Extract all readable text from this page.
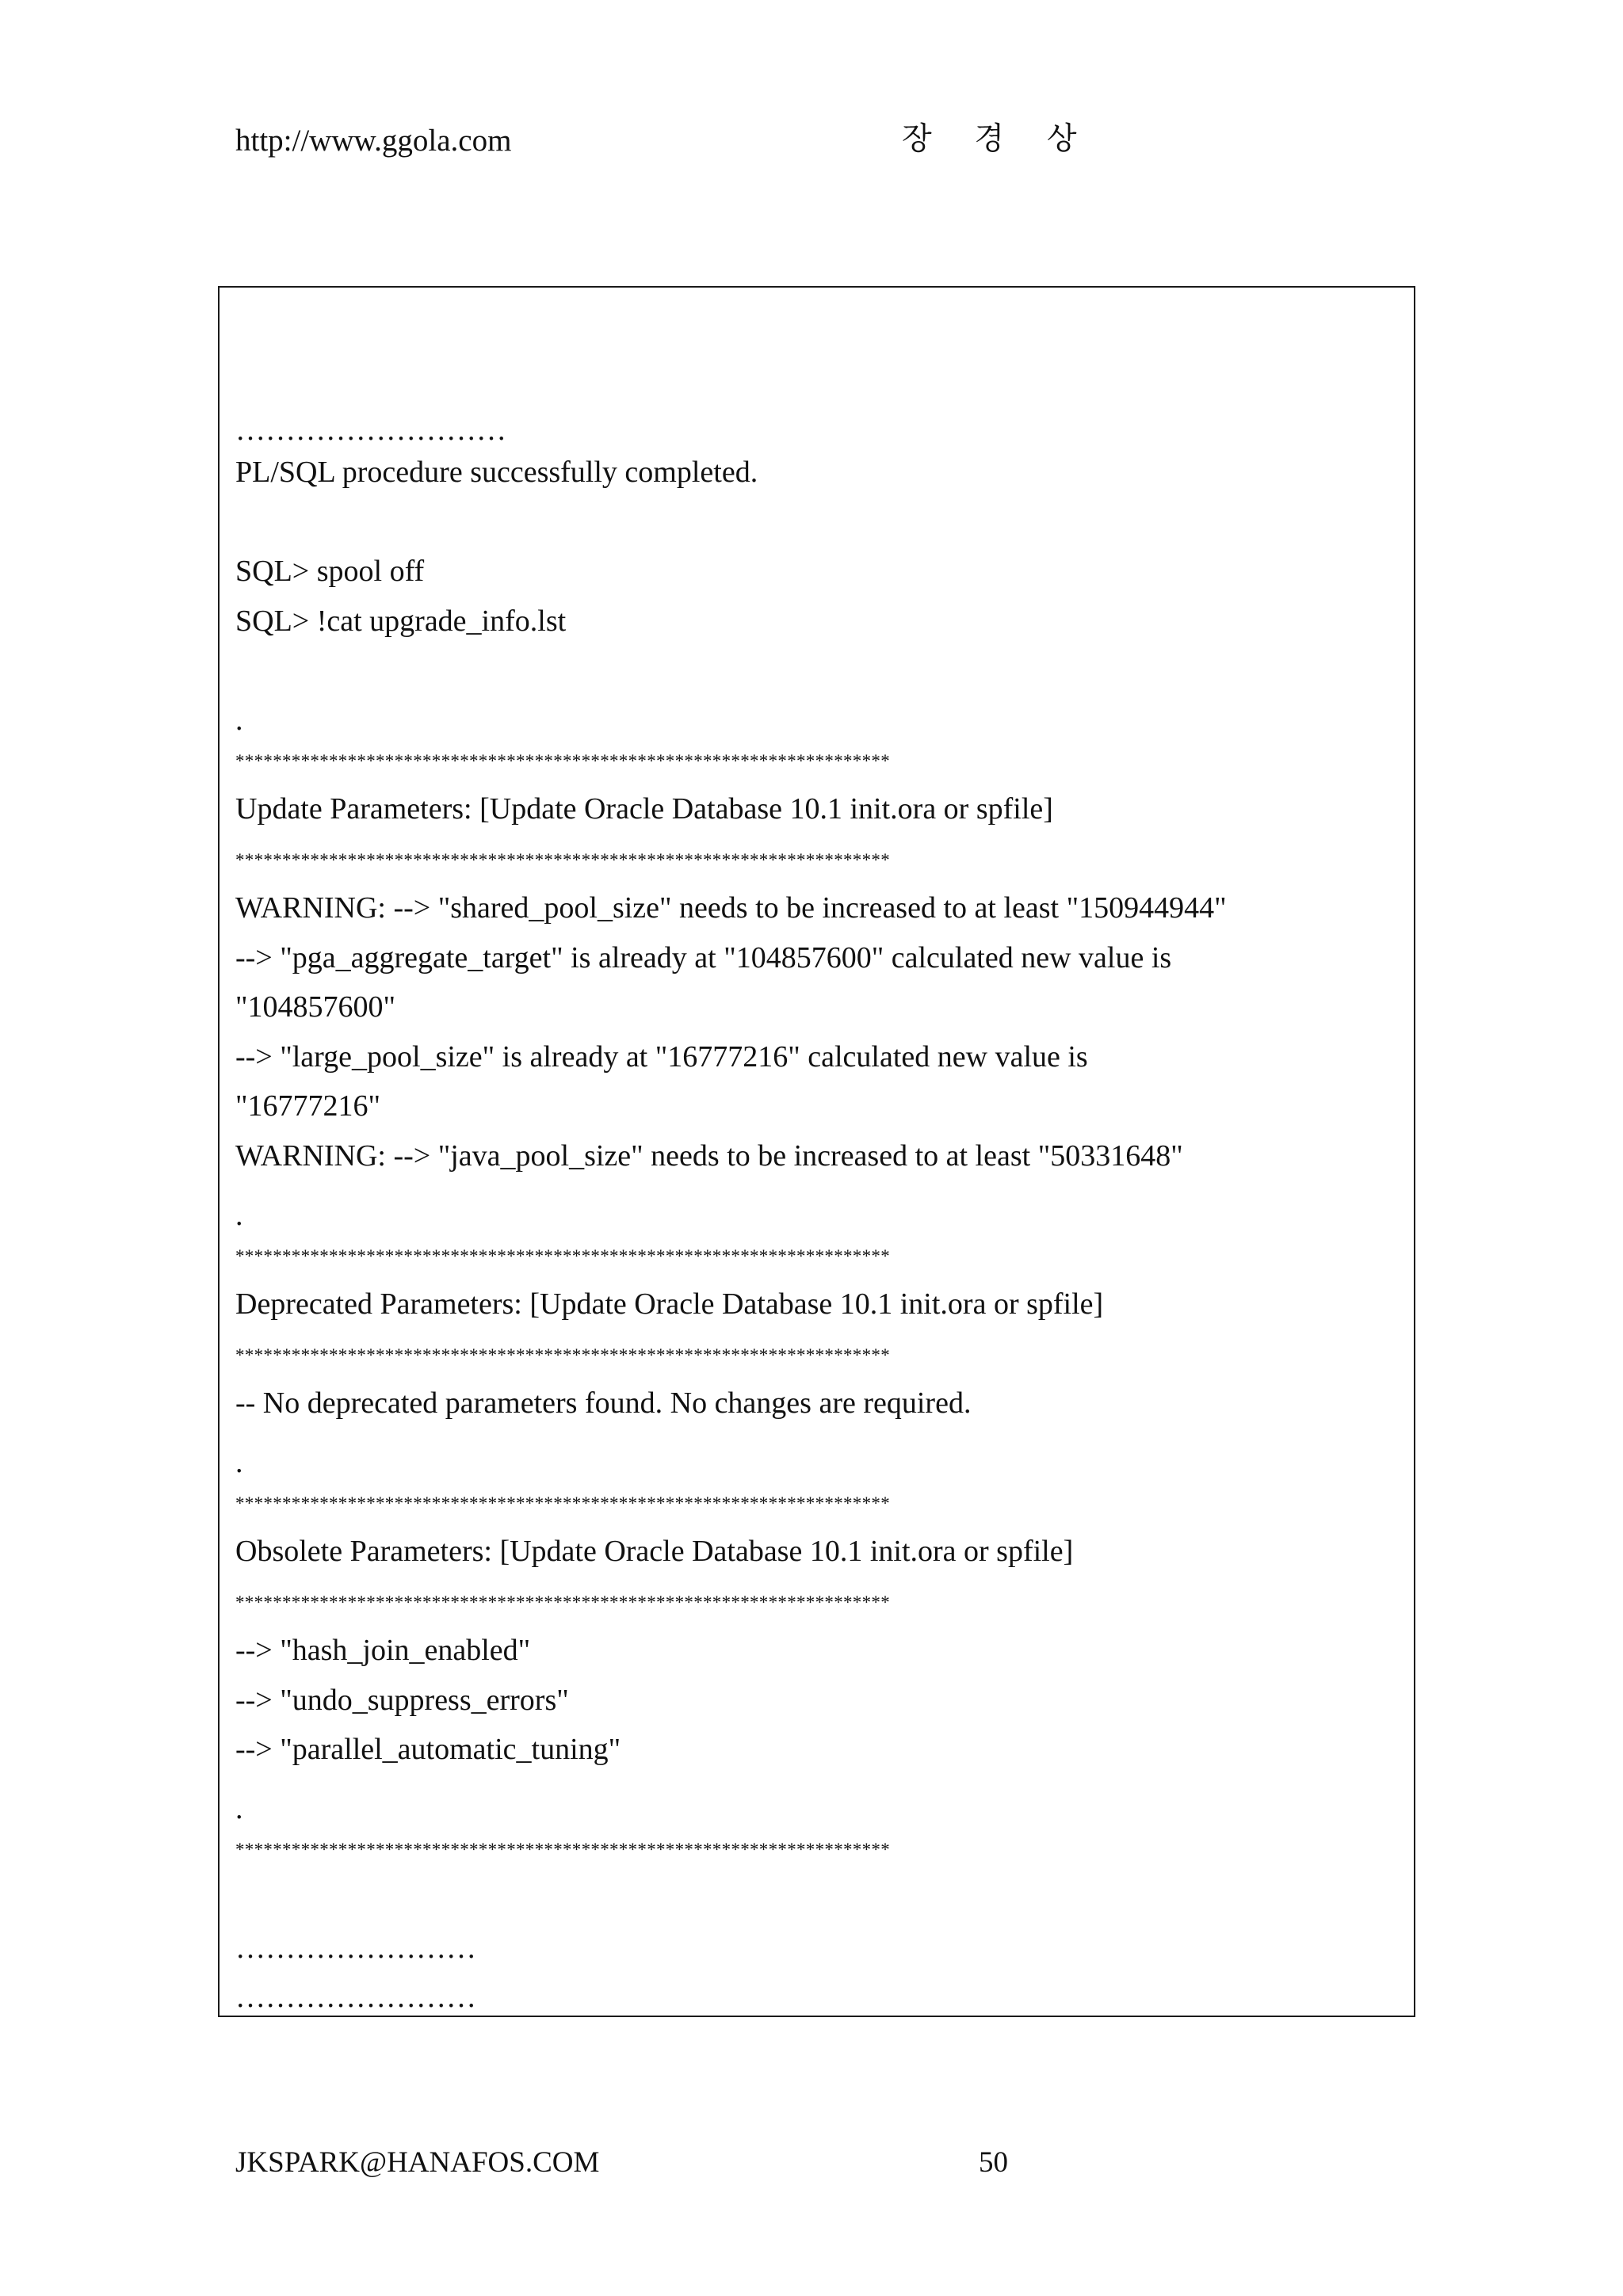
http://www.ggola.com	장 경 상
………………………
PL/SQL procedure successfully completed.
SQL> spool off
SQL> !cat upgrade_info.lst
.
**********************************************************************
Update Parameters: [Update Oracle Database 10.1 init.ora or spfile]
**********************************************************************
WARNING: --> "shared_pool_size" needs to be increased to at least "150944944"
--> "pga_aggregate_target" is already at "104857600" calculated new value is
"104857600"
--> "large_pool_size" is already at "16777216" calculated new value is
"16777216"
WARNING: --> "java_pool_size" needs to be increased to at least "50331648"
.
**********************************************************************
Deprecated Parameters: [Update Oracle Database 10.1 init.ora or spfile]
**********************************************************************
-- No deprecated parameters found. No changes are required.
.
**********************************************************************
Obsolete Parameters: [Update Oracle Database 10.1 init.ora or spfile]
**********************************************************************
--> "hash_join_enabled"
--> "undo_suppress_errors"
--> "parallel_automatic_tuning"
.
**********************************************************************
……………………
……………………
JKSPARK@HANAFOS.COM	50
